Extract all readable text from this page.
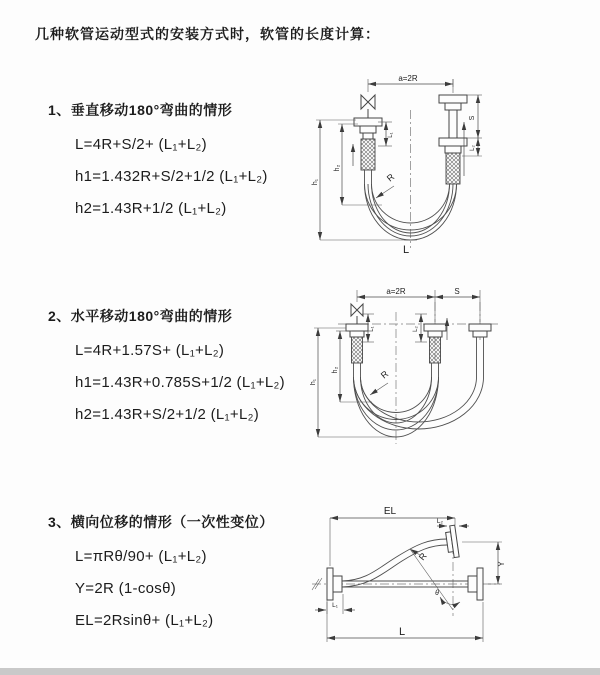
几种软管运动型式的安装方式时，软管的长度计算：
1、垂直移动180°弯曲的情形
L=4R+S/2+ (L₁+L₂)
h1=1.432R+S/2+1/2 (L₁+L₂)
h2=1.43R+1/2 (L₁+L₂)
2、水平移动180°弯曲的情形
L=4R+1.57S+ (L₁+L₂)
h1=1.43R+0.785S+1/2 (L₁+L₂)
h2=1.43R+S/2+1/2 (L₁+L₂)
3、横向位移的情形（一次性变位）
L=πRθ/90+ (L₁+L₂)
Y=2R (1-cosθ)
EL=2Rsinθ+ (L₁+L₂)
a=2R
R
h₁
h₂
L₁
S
L₂
L
a=2R	S
R
h₁
h₂
L₁	L₂
EL
L₂
Y
R
θ
L₁
L
